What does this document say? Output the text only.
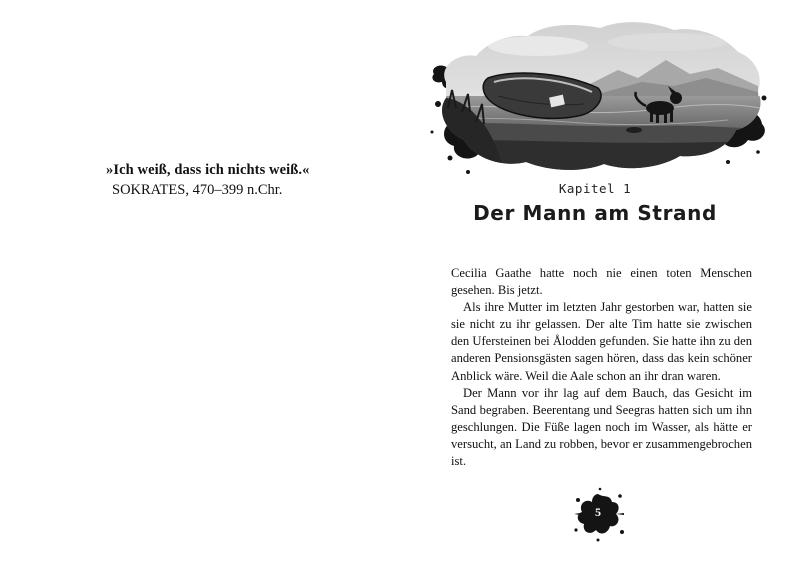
»Ich weiß, dass ich nichts weiß.«
SOKRATES, 470–399 n.Chr.	Kapitel 1
Der Mann am Strand

Cecilia Gaathe hatte noch nie einen toten Menschen gesehen. Bis jetzt.

Als ihre Mutter im letzten Jahr gestorben war, hatten sie sie nicht zu ihr gelassen. Der alte Tim hatte sie zwischen den Ufersteinen bei Ålodden gefunden. Sie hatte ihn zu den anderen Pensionsgästen sagen hören, dass das kein schöner Anblick wäre. Weil die Aale schon an ihr dran waren.

Der Mann vor ihr lag auf dem Bauch, das Gesicht im Sand begraben. Beerentang und Seegras hatten sich um ihn geschlungen. Die Füße lagen noch im Wasser, als hätte er versucht, an Land zu robben, bevor er zusammengebrochen ist.

5
